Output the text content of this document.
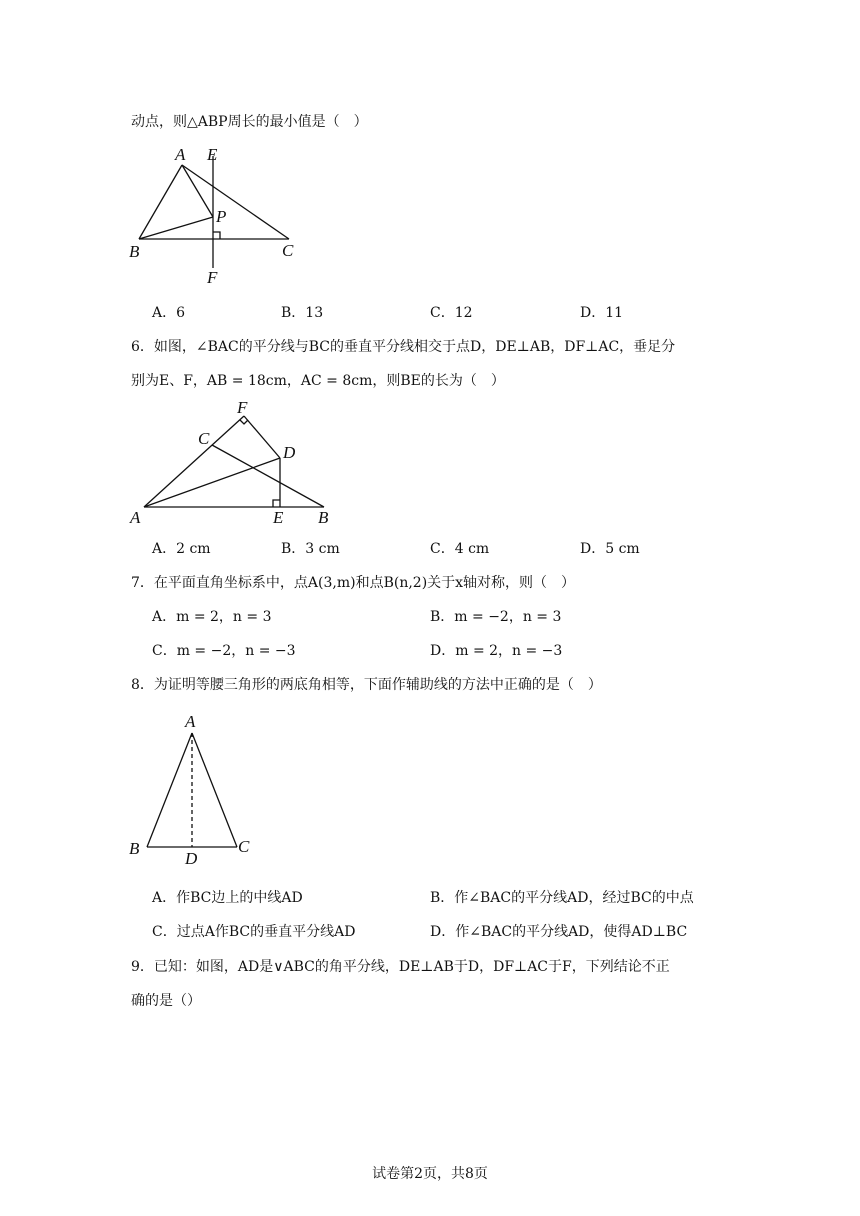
动点，则△ABP周长的最小值是（　）
A E
P
B	C
F
A．6	B．13	C．12	D．11
6．如图，∠BAC的平分线与BC的垂直平分线相交于点D，DE⊥AB，DF⊥AC，垂足分
别为E、F，AB = 18cm，AC = 8cm，则BE的长为（　）
F
C
D
A	E B
A．2 cm	B．3 cm	C．4 cm	D．5 cm
7．在平面直角坐标系中，点A(3,m)和点B(n,2)关于x轴对称，则（　）
A．m = 2，n = 3	B．m = −2，n = 3
C．m = −2，n = −3	D．m = 2，n = −3
8．为证明等腰三角形的两底角相等，下面作辅助线的方法中正确的是（　）
A
B
D
C
A．作BC边上的中线AD	B．作∠BAC的平分线AD，经过BC的中点
C．过点A作BC的垂直平分线AD	D．作∠BAC的平分线AD，使得AD⊥BC
9．已知：如图，AD是∨ABC的角平分线，DE⊥AB于D，DF⊥AC于F，下列结论不正
确的是（）
试卷第2页，共8页
